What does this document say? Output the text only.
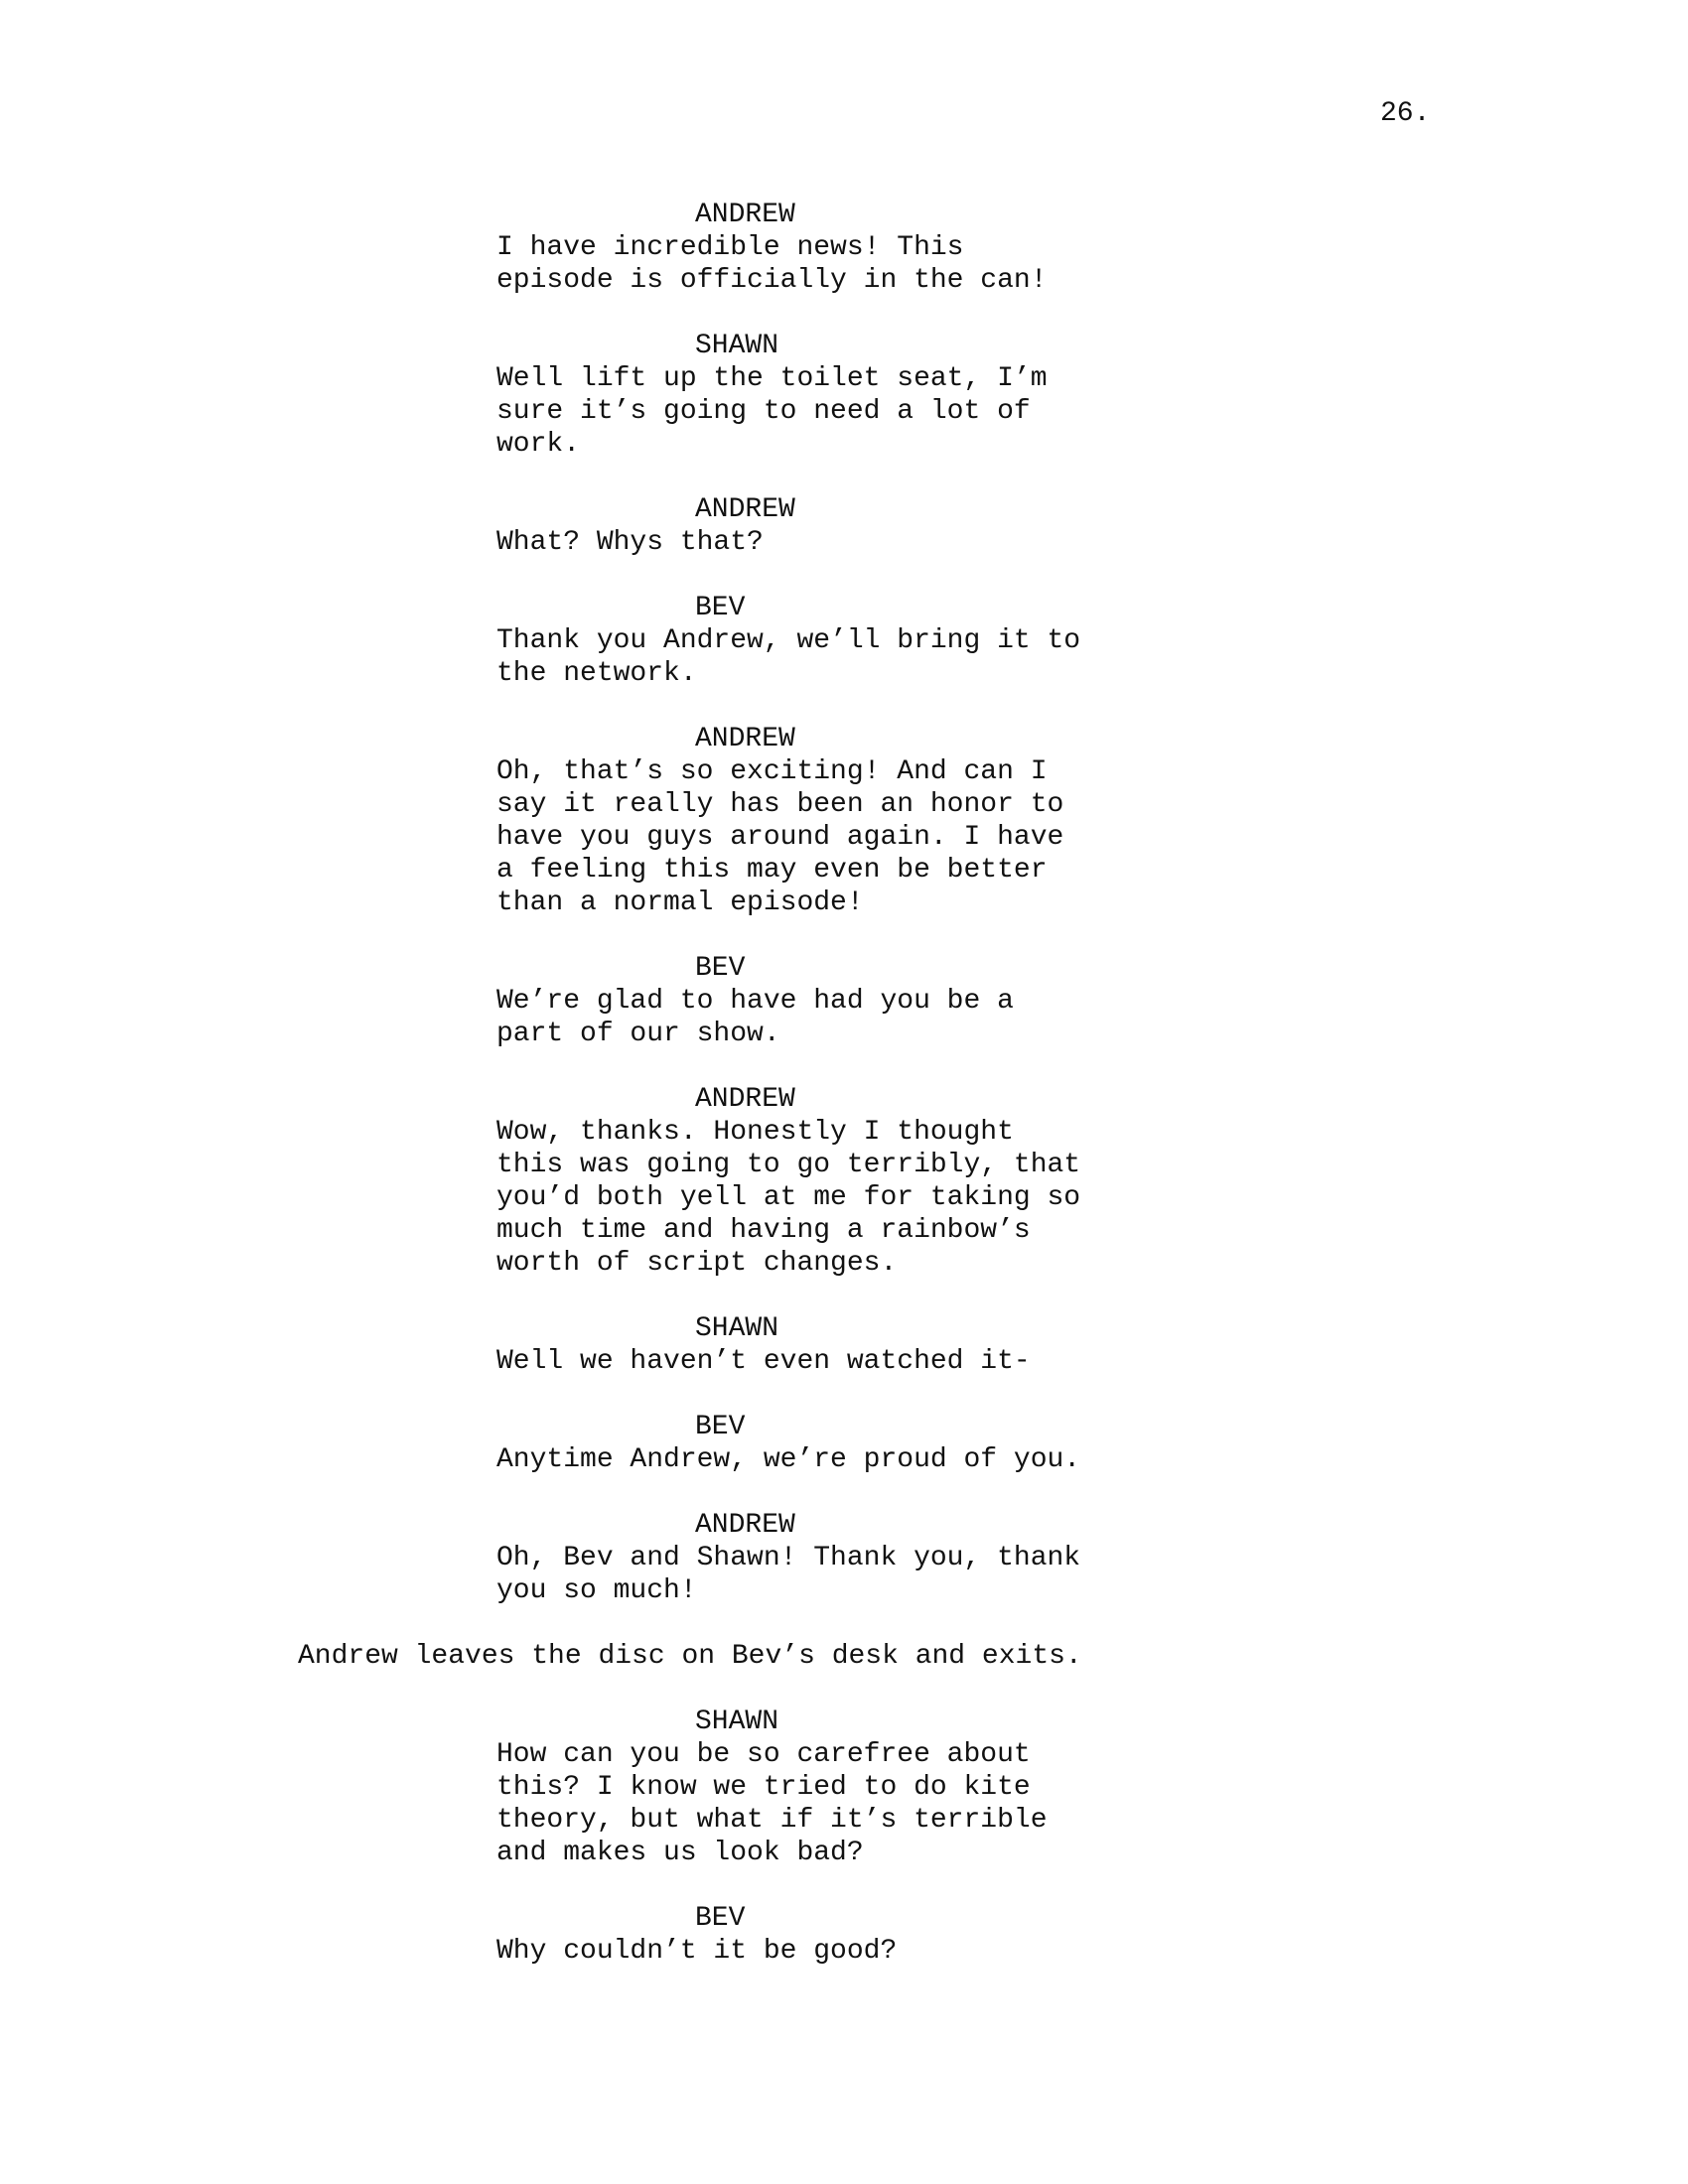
26.
ANDREW
I have incredible news! This
episode is officially in the can!
SHAWN
Well lift up the toilet seat, I’m
sure it’s going to need a lot of
work.
ANDREW
What? Whys that?
BEV
Thank you Andrew, we’ll bring it to
the network.
ANDREW
Oh, that’s so exciting! And can I
say it really has been an honor to
have you guys around again. I have
a feeling this may even be better
than a normal episode!
BEV
We’re glad to have had you be a
part of our show.
ANDREW
Wow, thanks. Honestly I thought
this was going to go terribly, that
you’d both yell at me for taking so
much time and having a rainbow’s
worth of script changes.
SHAWN
Well we haven’t even watched it-
BEV
Anytime Andrew, we’re proud of you.
ANDREW
Oh, Bev and Shawn! Thank you, thank
you so much!
Andrew leaves the disc on Bev’s desk and exits.
SHAWN
How can you be so carefree about
this? I know we tried to do kite
theory, but what if it’s terrible
and makes us look bad?
BEV
Why couldn’t it be good?
